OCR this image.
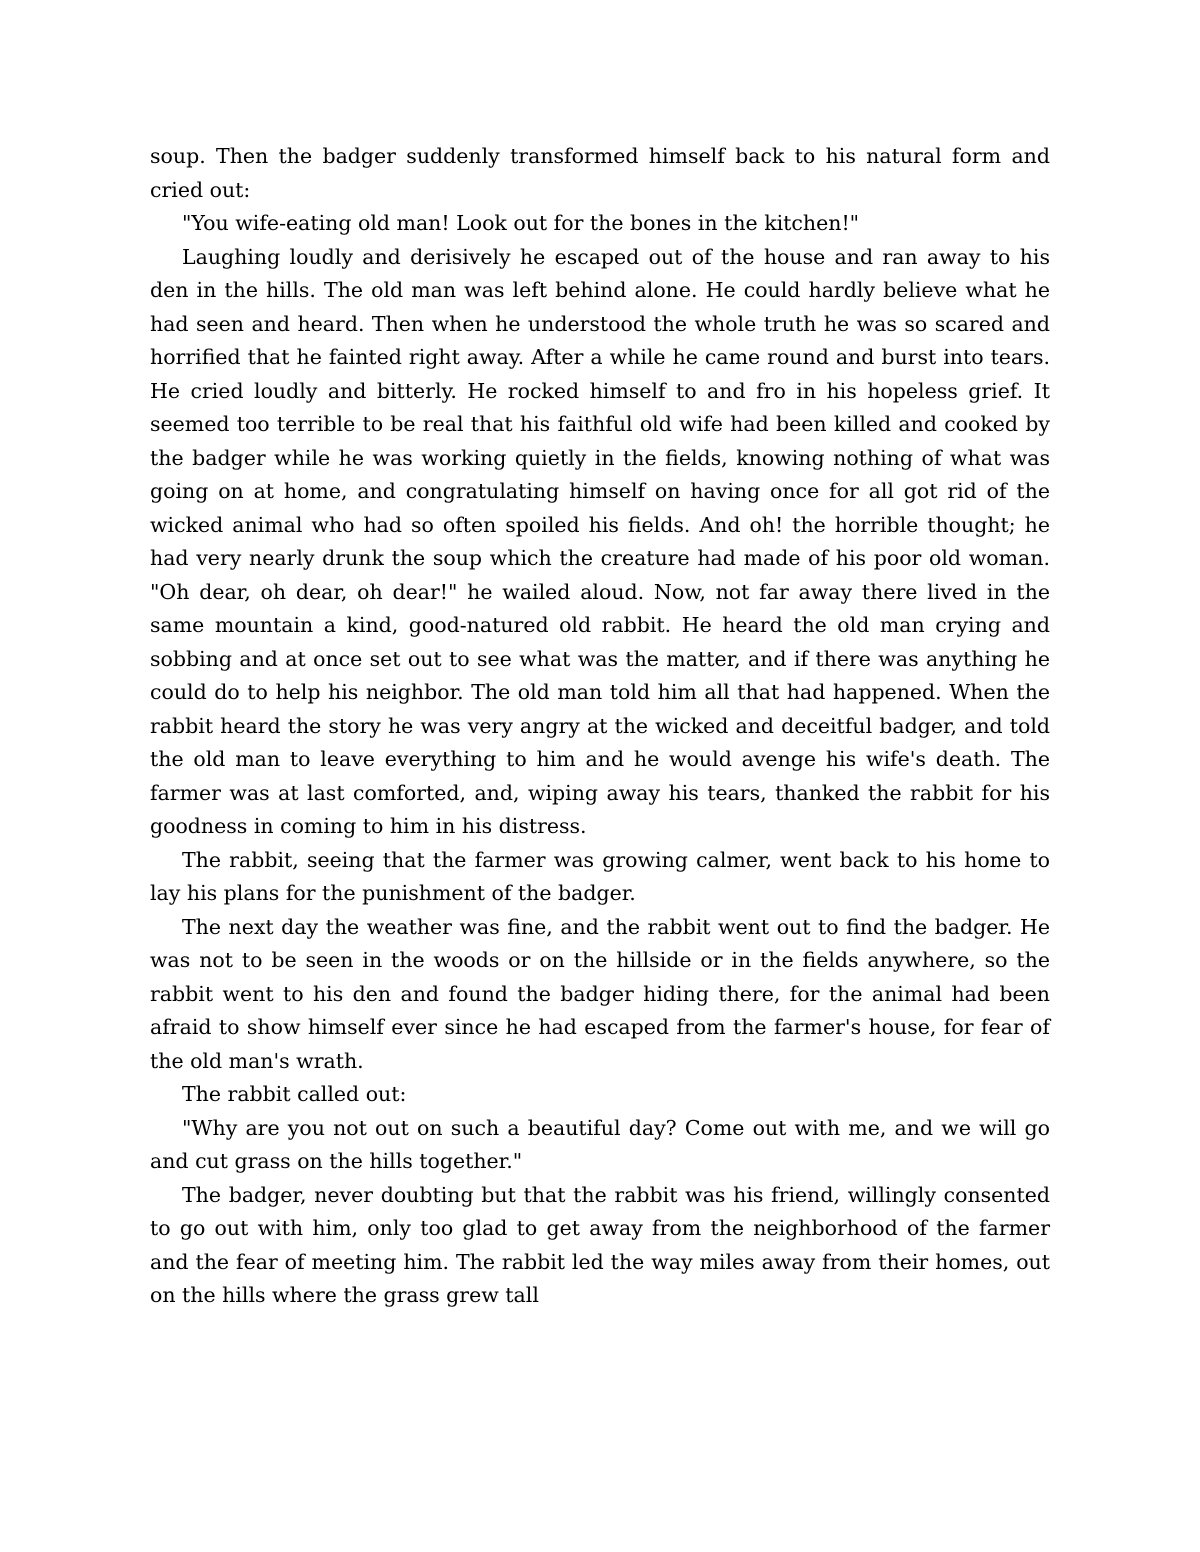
soup. Then the badger suddenly transformed himself back to his natural form and cried out:

"You wife-eating old man! Look out for the bones in the kitchen!"

Laughing loudly and derisively he escaped out of the house and ran away to his den in the hills. The old man was left behind alone. He could hardly believe what he had seen and heard. Then when he understood the whole truth he was so scared and horrified that he fainted right away. After a while he came round and burst into tears. He cried loudly and bitterly. He rocked himself to and fro in his hopeless grief. It seemed too terrible to be real that his faithful old wife had been killed and cooked by the badger while he was working quietly in the fields, knowing nothing of what was going on at home, and congratulating himself on having once for all got rid of the wicked animal who had so often spoiled his fields. And oh! the horrible thought; he had very nearly drunk the soup which the creature had made of his poor old woman. "Oh dear, oh dear, oh dear!" he wailed aloud. Now, not far away there lived in the same mountain a kind, good-natured old rabbit. He heard the old man crying and sobbing and at once set out to see what was the matter, and if there was anything he could do to help his neighbor. The old man told him all that had happened. When the rabbit heard the story he was very angry at the wicked and deceitful badger, and told the old man to leave everything to him and he would avenge his wife's death. The farmer was at last comforted, and, wiping away his tears, thanked the rabbit for his goodness in coming to him in his distress.

The rabbit, seeing that the farmer was growing calmer, went back to his home to lay his plans for the punishment of the badger.

The next day the weather was fine, and the rabbit went out to find the badger. He was not to be seen in the woods or on the hillside or in the fields anywhere, so the rabbit went to his den and found the badger hiding there, for the animal had been afraid to show himself ever since he had escaped from the farmer's house, for fear of the old man's wrath.

The rabbit called out:

"Why are you not out on such a beautiful day? Come out with me, and we will go and cut grass on the hills together."

The badger, never doubting but that the rabbit was his friend, willingly consented to go out with him, only too glad to get away from the neighborhood of the farmer and the fear of meeting him. The rabbit led the way miles away from their homes, out on the hills where the grass grew tall
